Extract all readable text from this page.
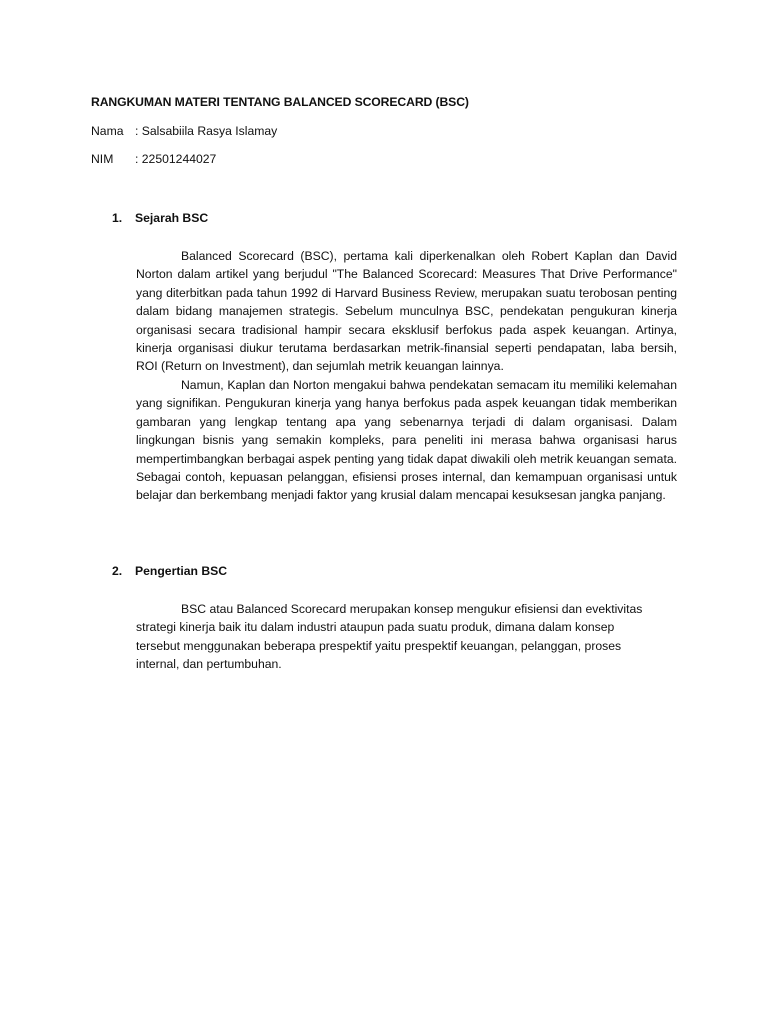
RANGKUMAN MATERI TENTANG BALANCED SCORECARD (BSC)
Nama : Salsabiila Rasya Islamay
NIM : 22501244027
1. Sejarah BSC

Balanced Scorecard (BSC), pertama kali diperkenalkan oleh Robert Kaplan dan David Norton dalam artikel yang berjudul "The Balanced Scorecard: Measures That Drive Performance" yang diterbitkan pada tahun 1992 di Harvard Business Review, merupakan suatu terobosan penting dalam bidang manajemen strategis. Sebelum munculnya BSC, pendekatan pengukuran kinerja organisasi secara tradisional hampir secara eksklusif berfokus pada aspek keuangan. Artinya, kinerja organisasi diukur terutama berdasarkan metrik-finansial seperti pendapatan, laba bersih, ROI (Return on Investment), dan sejumlah metrik keuangan lainnya.

Namun, Kaplan dan Norton mengakui bahwa pendekatan semacam itu memiliki kelemahan yang signifikan. Pengukuran kinerja yang hanya berfokus pada aspek keuangan tidak memberikan gambaran yang lengkap tentang apa yang sebenarnya terjadi di dalam organisasi. Dalam lingkungan bisnis yang semakin kompleks, para peneliti ini merasa bahwa organisasi harus mempertimbangkan berbagai aspek penting yang tidak dapat diwakili oleh metrik keuangan semata. Sebagai contoh, kepuasan pelanggan, efisiensi proses internal, dan kemampuan organisasi untuk belajar dan berkembang menjadi faktor yang krusial dalam mencapai kesuksesan jangka panjang.

2. Pengertian BSC

BSC atau Balanced Scorecard merupakan konsep mengukur efisiensi dan evektivitas strategi kinerja baik itu dalam industri ataupun pada suatu produk, dimana dalam konsep tersebut menggunakan beberapa prespektif yaitu prespektif keuangan, pelanggan, proses internal, dan pertumbuhan.
